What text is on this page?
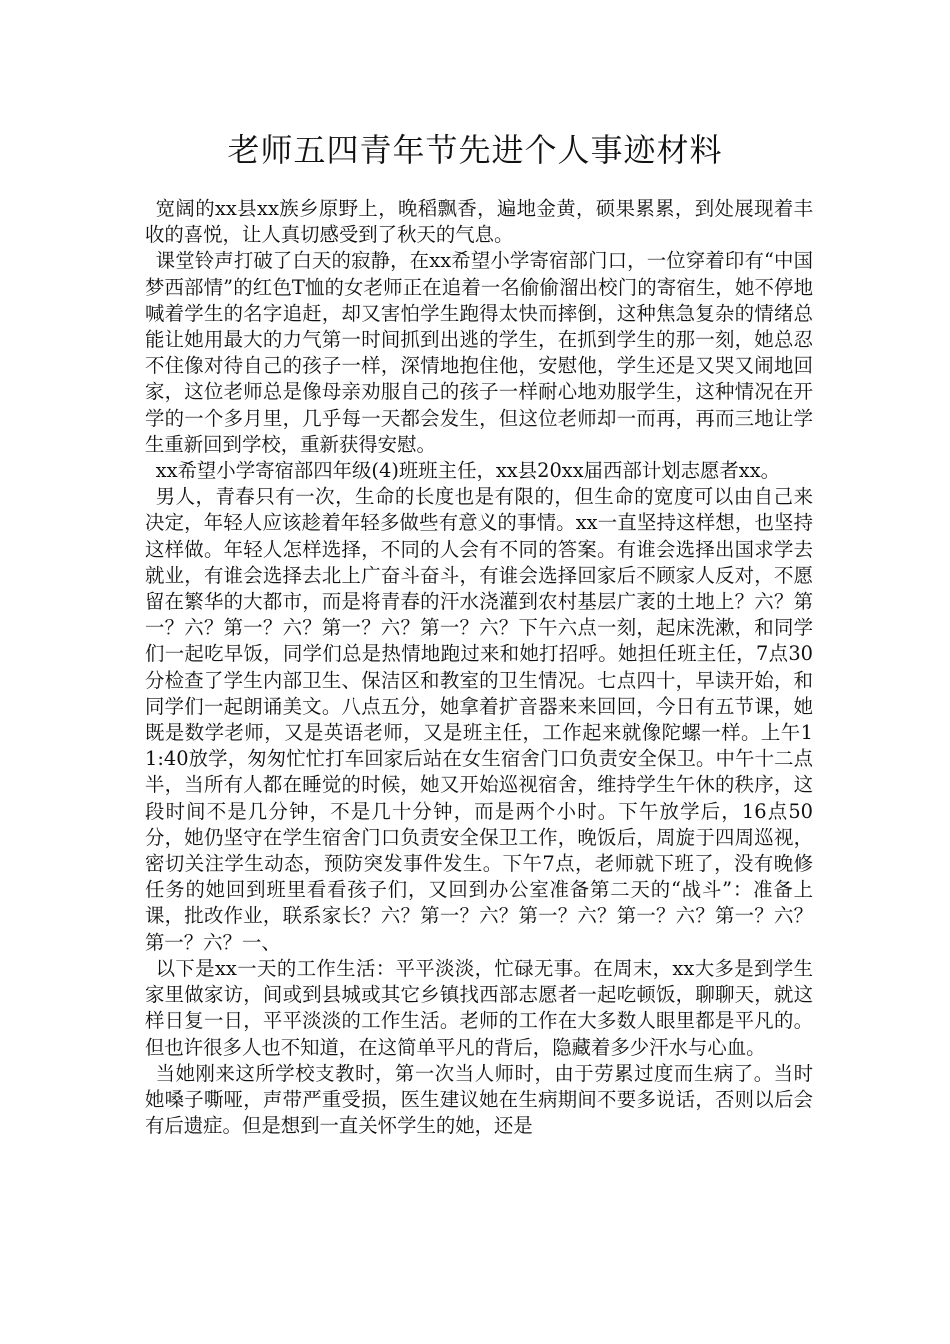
老师五四青年节先进个人事迹材料

宽阔的xx县xx族乡原野上，晚稻飘香，遍地金黄，硕果累累，到处展现着丰收的喜悦，让人真切感受到了秋天的气息。

课堂铃声打破了白天的寂静，在xx希望小学寄宿部门口，一位穿着印有“中国梦西部情”的红色T恤的女老师正在追着一名偷偷溜出校门的寄宿生，她不停地喊着学生的名字追赶，却又害怕学生跑得太快而摔倒，这种焦急复杂的情绪总能让她用最大的力气第一时间抓到出逃的学生，在抓到学生的那一刻，她总忍不住像对待自己的孩子一样，深情地抱住他，安慰他，学生还是又哭又闹地回家，这位老师总是像母亲劝服自己的孩子一样耐心地劝服学生，这种情况在开学的一个多月里，几乎每一天都会发生，但这位老师却一而再，再而三地让学生重新回到学校，重新获得安慰。

xx希望小学寄宿部四年级(4)班班主任，xx县20xx届西部计划志愿者xx。

男人，青春只有一次，生命的长度也是有限的，但生命的宽度可以由自己来决定，年轻人应该趁着年轻多做些有意义的事情。xx一直坚持这样想，也坚持这样做。年轻人怎样选择，不同的人会有不同的答案。有谁会选择出国求学去就业，有谁会选择去北上广奋斗奋斗，有谁会选择回家后不顾家人反对，不愿留在繁华的大都市，而是将青春的汗水浇灌到农村基层广袤的土地上？六？第一？六？第一？六？第一？六？第一？六？下午六点一刻，起床洗漱，和同学们一起吃早饭，同学们总是热情地跑过来和她打招呼。她担任班主任，7点30分检查了学生内部卫生、保洁区和教室的卫生情况。七点四十，早读开始，和同学们一起朗诵美文。八点五分，她拿着扩音器来来回回，今日有五节课，她既是数学老师，又是英语老师，又是班主任，工作起来就像陀螺一样。上午11:40放学，匆匆忙忙打车回家后站在女生宿舍门口负责安全保卫。中午十二点半，当所有人都在睡觉的时候，她又开始巡视宿舍，维持学生午休的秩序，这段时间不是几分钟，不是几十分钟，而是两个小时。下午放学后，16点50分，她仍坚守在学生宿舍门口负责安全保卫工作，晚饭后，周旋于四周巡视，密切关注学生动态，预防突发事件发生。下午7点，老师就下班了，没有晚修任务的她回到班里看看孩子们，又回到办公室准备第二天的“战斗”：准备上课，批改作业，联系家长？六？第一？六？第一？六？第一？六？第一？六？第一？六？一、

以下是xx一天的工作生活：平平淡淡，忙碌无事。在周末，xx大多是到学生家里做家访，间或到县城或其它乡镇找西部志愿者一起吃顿饭，聊聊天，就这样日复一日，平平淡淡的工作生活。老师的工作在大多数人眼里都是平凡的。但也许很多人也不知道，在这简单平凡的背后，隐藏着多少汗水与心血。

当她刚来这所学校支教时，第一次当人师时，由于劳累过度而生病了。当时她嗓子嘶哑，声带严重受损，医生建议她在生病期间不要多说话，否则以后会有后遗症。但是想到一直关怀学生的她，还是
